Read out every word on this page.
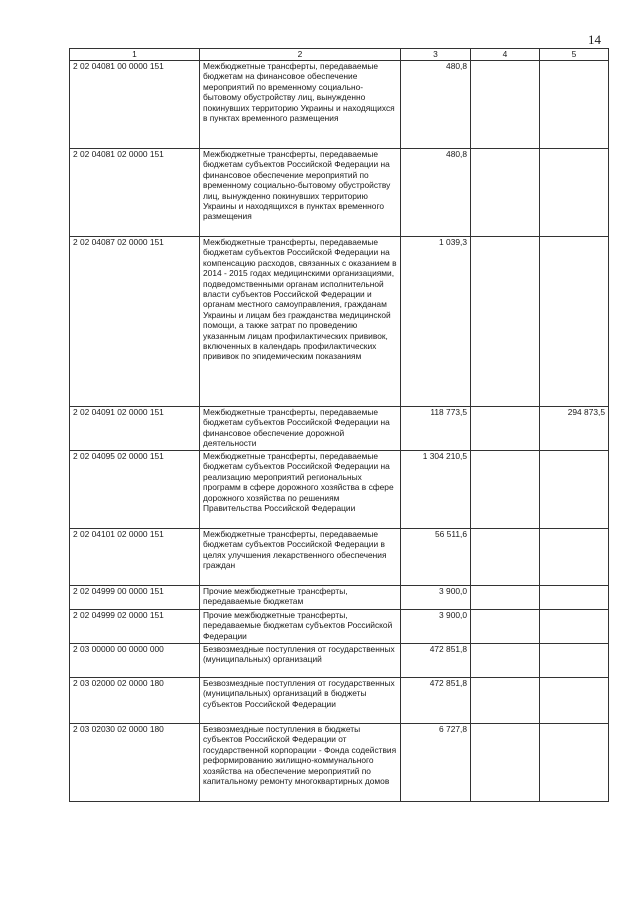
14
1	2	3	4	5
2 02 04081 00 0000 151	Межбюджетные трансферты, передаваемые бюджетам на финансовое обеспечение мероприятий по временному социально-бытовому обустройству лиц, вынужденно покинувших территорию Украины и находящихся в пунктах временного размещения	480,8		
2 02 04081 02 0000 151	Межбюджетные трансферты, передаваемые бюджетам субъектов Российской Федерации на финансовое обеспечение мероприятий по временному социально-бытовому обустройству лиц, вынужденно покинувших территорию Украины и находящихся в пунктах временного размещения	480,8		
2 02 04087 02 0000 151	Межбюджетные трансферты, передаваемые бюджетам субъектов Российской Федерации на компенсацию расходов, связанных с оказанием в 2014 - 2015 годах медицинскими организациями, подведомственными органам исполнительной власти субъектов Российской Федерации и органам местного самоуправления, гражданам Украины и лицам без гражданства медицинской помощи, а также затрат по проведению указанным лицам профилактических прививок, включенных в календарь профилактических прививок по эпидемическим показаниям	1 039,3		
2 02 04091 02 0000 151	Межбюджетные трансферты, передаваемые бюджетам субъектов Российской Федерации на финансовое обеспечение дорожной деятельности	118 773,5		294 873,5
2 02 04095 02 0000 151	Межбюджетные трансферты, передаваемые бюджетам субъектов Российской Федерации на реализацию мероприятий региональных программ в сфере дорожного хозяйства в сфере дорожного хозяйства по решениям Правительства Российской Федерации	1 304 210,5		
2 02 04101 02 0000 151	Межбюджетные трансферты, передаваемые бюджетам субъектов Российской Федерации в целях улучшения лекарственного обеспечения граждан	56 511,6		
2 02 04999 00 0000 151	Прочие межбюджетные трансферты, передаваемые бюджетам	3 900,0		
2 02 04999 02 0000 151	Прочие межбюджетные трансферты, передаваемые бюджетам субъектов Российской Федерации	3 900,0		
2 03 00000 00 0000 000	Безвозмездные поступления от государственных (муниципальных) организаций	472 851,8		
2 03 02000 02 0000 180	Безвозмездные поступления от государственных (муниципальных) организаций в бюджеты субъектов Российской Федерации	472 851,8		
2 03 02030 02 0000 180	Безвозмездные поступления в бюджеты субъектов Российской Федерации от государственной корпорации - Фонда содействия реформированию жилищно-коммунального хозяйства на обеспечение мероприятий по капитальному ремонту многоквартирных домов	6 727,8		
